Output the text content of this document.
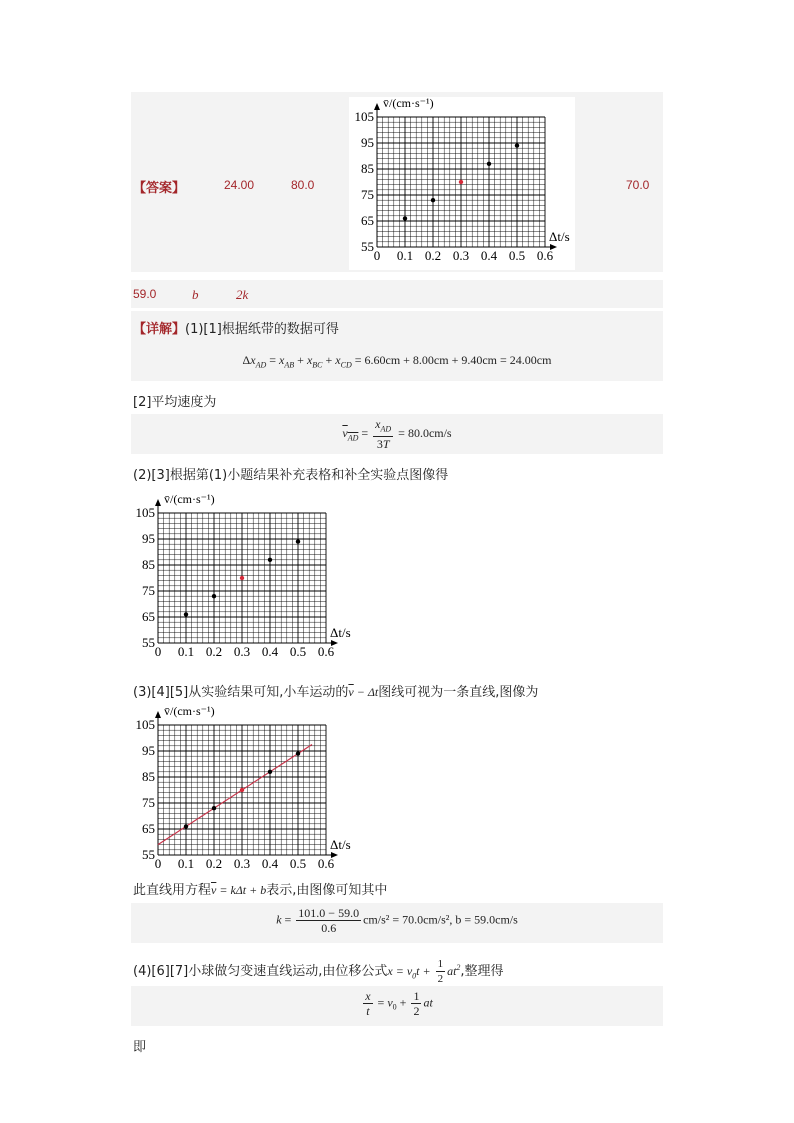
【答案】	24.00	80.0
0 0.1 0.2 0.3 0.4 0.5 0.6
55
65
75
85
95
105
v̄/(cm·s⁻¹)
Δt/s
70.0
59.0	b	2k
【详解】(1)[1]根据纸带的数据可得
$\Delta x_{AD} = x_{AB} + x_{BC} + x_{CD} = 6.60cm + 8.00cm + 9.40cm = 24.00cm$
[2]平均速度为
$v_{AD} = \frac{x_{AD}}{3T} = 80.0cm/s$
(2)[3]根据第(1)小题结果补充表格和补全实验点图像得
0 0.1 0.2 0.3 0.4 0.5 0.6
55
65
75
85
95
105
v̄/(cm·s⁻¹)
Δt/s
(3)[4][5]从实验结果可知,小车运动的$\overline{v} - \Delta t$图线可视为一条直线,图像为
0 0.1 0.2 0.3 0.4 0.5 0.6
55
65
75
85
95
105
v̄/(cm·s⁻¹)
Δt/s
此直线用方程$\overline{v} = k\Delta t + b$表示,由图像可知其中
$k = \frac{101.0 - 59.0}{0.6} cm/s^2 = 70.0cm/s^2$, b = 59.0cm/s
(4)[6][7]小球做匀变速直线运动,由位移公式$x = v_0t + \frac{1}{2} at^2$,整理得
$\frac{x}{t} = v_0 + \frac{1}{2}$ at
即
